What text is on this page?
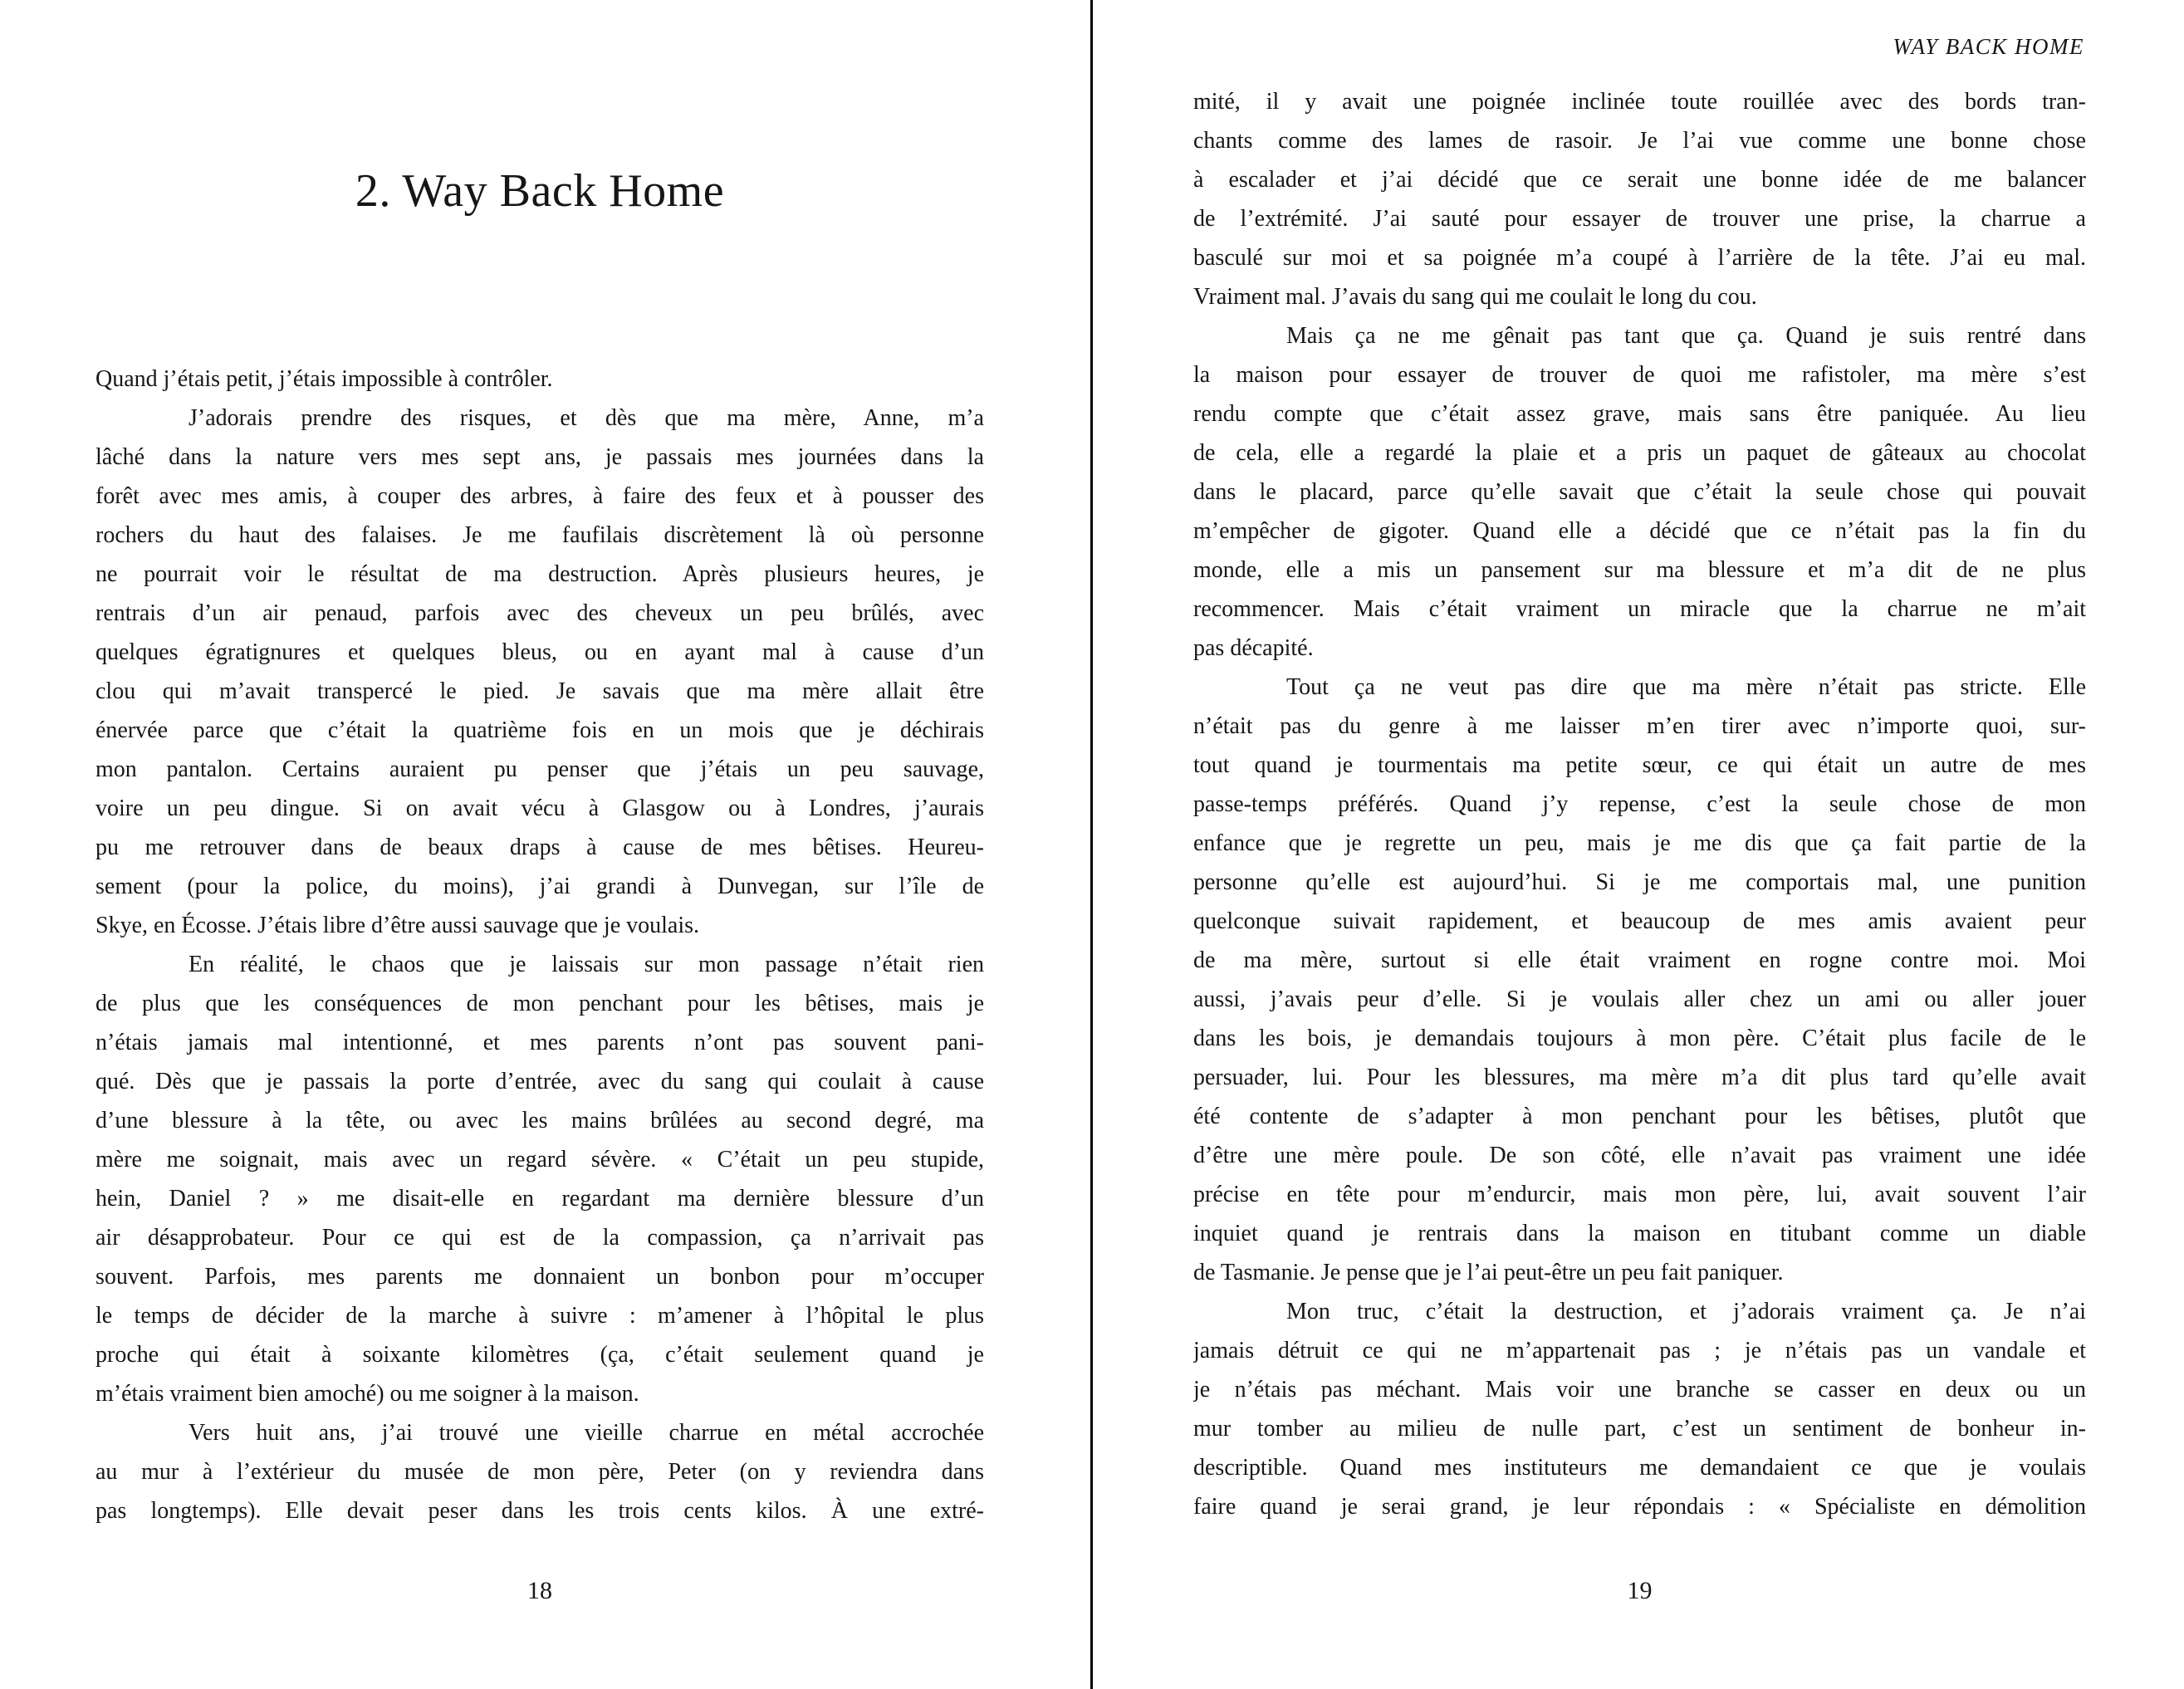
2. Way Back Home
Quand j’étais petit, j’étais impossible à contrôler.
J’adorais prendre des risques, et dès que ma mère, Anne, m’a
lâché dans la nature vers mes sept ans, je passais mes journées dans la
forêt avec mes amis, à couper des arbres, à faire des feux et à pousser des
rochers du haut des falaises. Je me faufilais discrètement là où personne
ne pourrait voir le résultat de ma destruction. Après plusieurs heures, je
rentrais d’un air penaud, parfois avec des cheveux un peu brûlés, avec
quelques égratignures et quelques bleus, ou en ayant mal à cause d’un
clou qui m’avait transpercé le pied. Je savais que ma mère allait être
énervée parce que c’était la quatrième fois en un mois que je déchirais
mon pantalon. Certains auraient pu penser que j’étais un peu sauvage,
voire un peu dingue. Si on avait vécu à Glasgow ou à Londres, j’aurais
pu me retrouver dans de beaux draps à cause de mes bêtises. Heureu-
sement (pour la police, du moins), j’ai grandi à Dunvegan, sur l’île de
Skye, en Écosse. J’étais libre d’être aussi sauvage que je voulais.
En réalité, le chaos que je laissais sur mon passage n’était rien
de plus que les conséquences de mon penchant pour les bêtises, mais je
n’étais jamais mal intentionné, et mes parents n’ont pas souvent pani-
qué. Dès que je passais la porte d’entrée, avec du sang qui coulait à cause
d’une blessure à la tête, ou avec les mains brûlées au second degré, ma
mère me soignait, mais avec un regard sévère. « C’était un peu stupide,
hein, Daniel ? » me disait-elle en regardant ma dernière blessure d’un
air désapprobateur. Pour ce qui est de la compassion, ça n’arrivait pas
souvent. Parfois, mes parents me donnaient un bonbon pour m’occuper
le temps de décider de la marche à suivre : m’amener à l’hôpital le plus
proche qui était à soixante kilomètres (ça, c’était seulement quand je
m’étais vraiment bien amoché) ou me soigner à la maison.
Vers huit ans, j’ai trouvé une vieille charrue en métal accrochée
au mur à l’extérieur du musée de mon père, Peter (on y reviendra dans
pas longtemps). Elle devait peser dans les trois cents kilos. À une extré-
18
WAY BACK HOME
mité, il y avait une poignée inclinée toute rouillée avec des bords tran-
chants comme des lames de rasoir. Je l’ai vue comme une bonne chose
à escalader et j’ai décidé que ce serait une bonne idée de me balancer
de l’extrémité. J’ai sauté pour essayer de trouver une prise, la charrue a
basculé sur moi et sa poignée m’a coupé à l’arrière de la tête. J’ai eu mal.
Vraiment mal. J’avais du sang qui me coulait le long du cou.
Mais ça ne me gênait pas tant que ça. Quand je suis rentré dans
la maison pour essayer de trouver de quoi me rafistoler, ma mère s’est
rendu compte que c’était assez grave, mais sans être paniquée. Au lieu
de cela, elle a regardé la plaie et a pris un paquet de gâteaux au chocolat
dans le placard, parce qu’elle savait que c’était la seule chose qui pouvait
m’empêcher de gigoter. Quand elle a décidé que ce n’était pas la fin du
monde, elle a mis un pansement sur ma blessure et m’a dit de ne plus
recommencer. Mais c’était vraiment un miracle que la charrue ne m’ait
pas décapité.
Tout ça ne veut pas dire que ma mère n’était pas stricte. Elle
n’était pas du genre à me laisser m’en tirer avec n’importe quoi, sur-
tout quand je tourmentais ma petite sœur, ce qui était un autre de mes
passe-temps préférés. Quand j’y repense, c’est la seule chose de mon
enfance que je regrette un peu, mais je me dis que ça fait partie de la
personne qu’elle est aujourd’hui. Si je me comportais mal, une punition
quelconque suivait rapidement, et beaucoup de mes amis avaient peur
de ma mère, surtout si elle était vraiment en rogne contre moi. Moi
aussi, j’avais peur d’elle. Si je voulais aller chez un ami ou aller jouer
dans les bois, je demandais toujours à mon père. C’était plus facile de le
persuader, lui. Pour les blessures, ma mère m’a dit plus tard qu’elle avait
été contente de s’adapter à mon penchant pour les bêtises, plutôt que
d’être une mère poule. De son côté, elle n’avait pas vraiment une idée
précise en tête pour m’endurcir, mais mon père, lui, avait souvent l’air
inquiet quand je rentrais dans la maison en titubant comme un diable
de Tasmanie. Je pense que je l’ai peut-être un peu fait paniquer.
Mon truc, c’était la destruction, et j’adorais vraiment ça. Je n’ai
jamais détruit ce qui ne m’appartenait pas ; je n’étais pas un vandale et
je n’étais pas méchant. Mais voir une branche se casser en deux ou un
mur tomber au milieu de nulle part, c’est un sentiment de bonheur in-
descriptible. Quand mes instituteurs me demandaient ce que je voulais
faire quand je serai grand, je leur répondais : « Spécialiste en démolition
19
